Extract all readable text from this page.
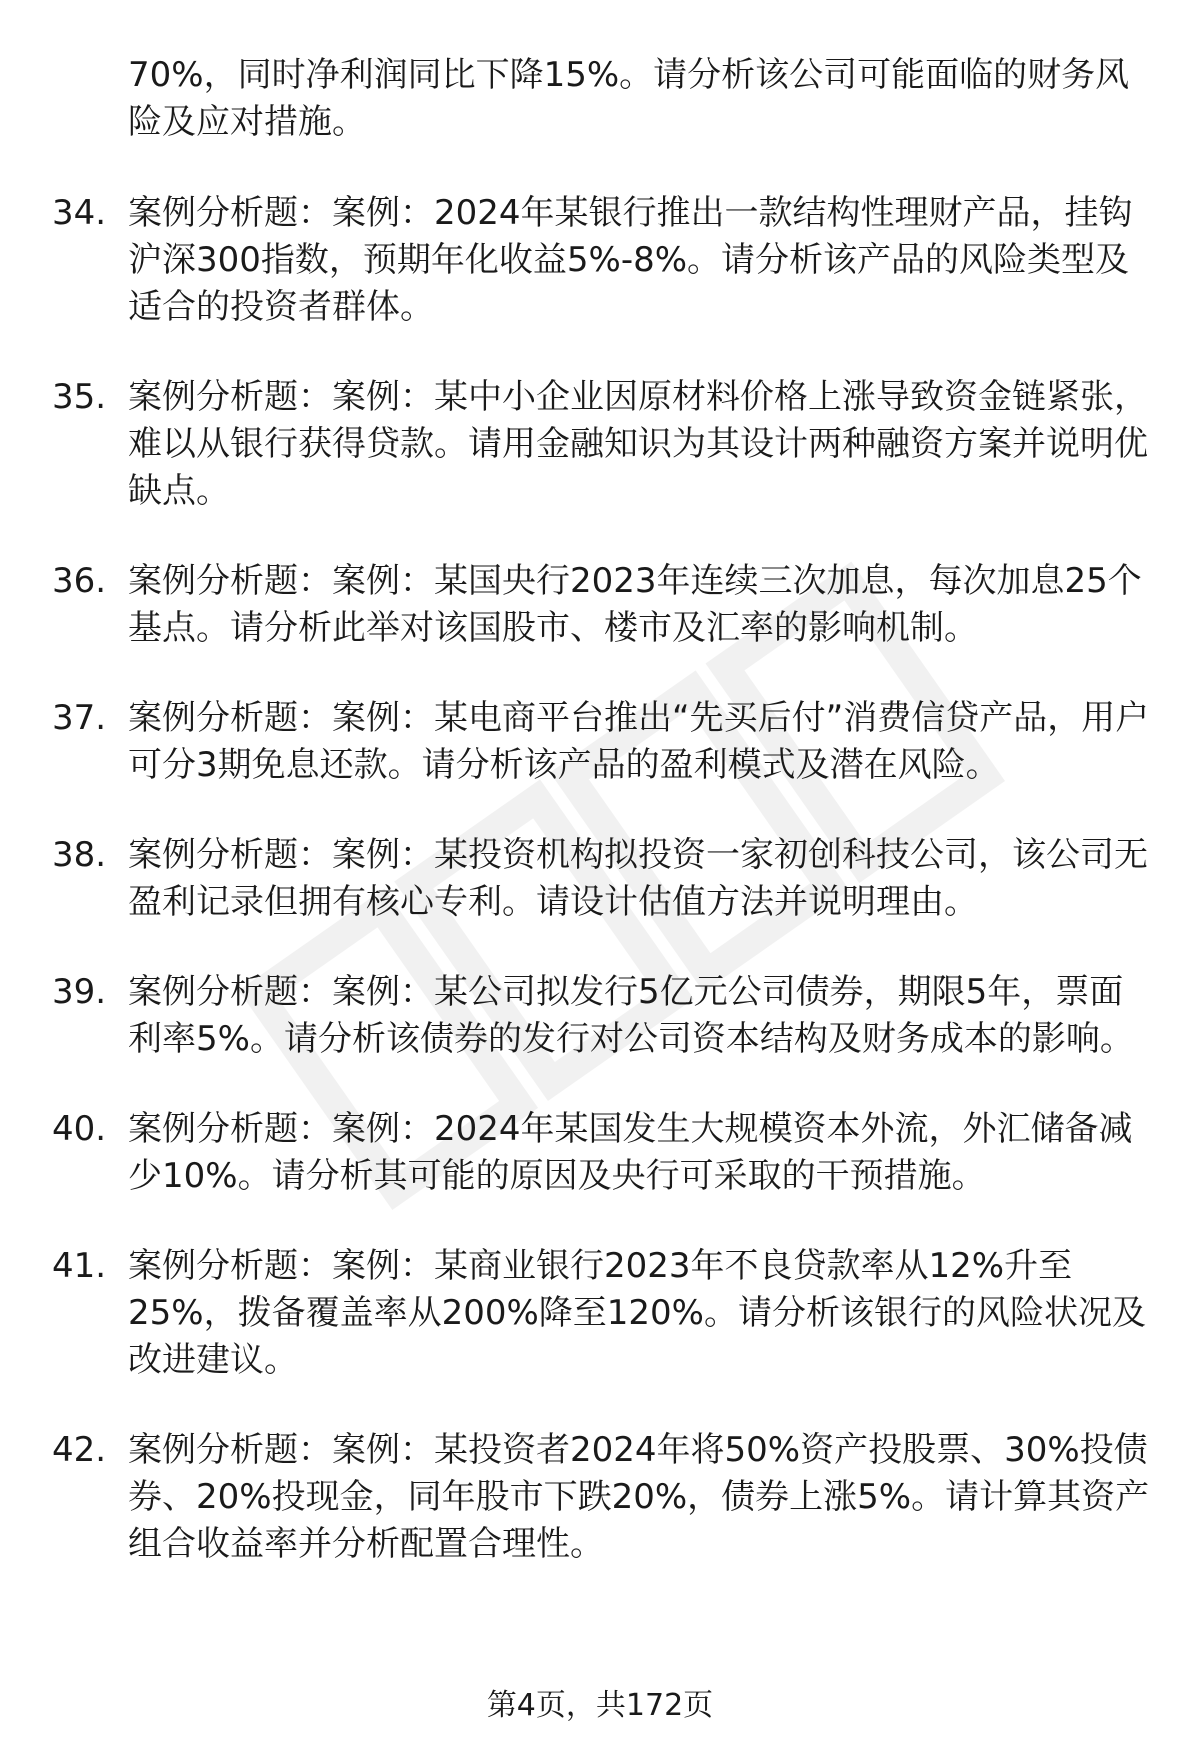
70%，同时净利润同比下降15%。请分析该公司可能面临的财务风险及应对措施。
34. 案例分析题：案例：2024年某银行推出一款结构性理财产品，挂钩沪深300指数，预期年化收益5%-8%。请分析该产品的风险类型及适合的投资者群体。
35. 案例分析题：案例：某中小企业因原材料价格上涨导致资金链紧张，难以从银行获得贷款。请用金融知识为其设计两种融资方案并说明优缺点。
36. 案例分析题：案例：某国央行2023年连续三次加息，每次加息25个基点。请分析此举对该国股市、楼市及汇率的影响机制。
37. 案例分析题：案例：某电商平台推出“先买后付”消费信贷产品，用户可分3期免息还款。请分析该产品的盈利模式及潜在风险。
38. 案例分析题：案例：某投资机构拟投资一家初创科技公司，该公司无盈利记录但拥有核心专利。请设计估值方法并说明理由。
39. 案例分析题：案例：某公司拟发行5亿元公司债券，期限5年，票面利率5%。请分析该债券的发行对公司资本结构及财务成本的影响。
40. 案例分析题：案例：2024年某国发生大规模资本外流，外汇储备减少10%。请分析其可能的原因及央行可采取的干预措施。
41. 案例分析题：案例：某商业银行2023年不良贷款率从12%升至25%，拨备覆盖率从200%降至120%。请分析该银行的风险状况及改进建议。
42. 案例分析题：案例：某投资者2024年将50%资产投股票、30%投债券、20%投现金，同年股市下跌20%，债券上涨5%。请计算其资产组合收益率并分析配置合理性。
第4页，共172页
